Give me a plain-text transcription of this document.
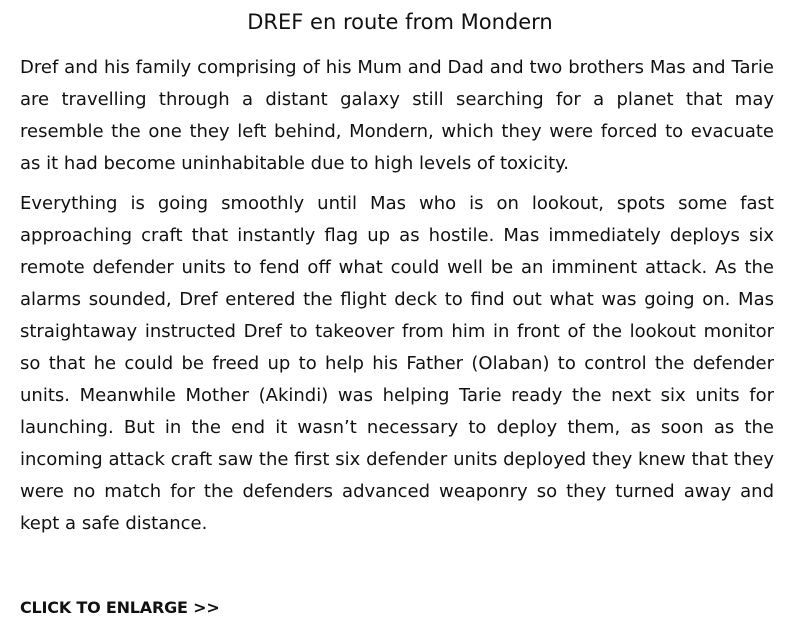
DREF en route from Mondern

Dref and his family comprising of his Mum and Dad and two brothers Mas and Tarie are travelling through a distant galaxy still searching for a planet that may resemble the one they left behind, Mondern, which they were forced to evacuate as it had become uninhabitable due to high levels of toxicity.

Everything is going smoothly until Mas who is on lookout, spots some fast approaching craft that instantly flag up as hostile. Mas immediately deploys six remote defender units to fend off what could well be an imminent attack. As the alarms sounded, Dref entered the flight deck to find out what was going on. Mas straightaway instructed Dref to takeover from him in front of the lookout monitor so that he could be freed up to help his Father (Olaban) to control the defender units. Meanwhile Mother (Akindi) was helping Tarie ready the next six units for launching. But in the end it wasn’t necessary to deploy them, as soon as the incoming attack craft saw the first six defender units deployed they knew that they were no match for the defenders advanced weaponry so they turned away and kept a safe distance.

CLICK TO ENLARGE >>
